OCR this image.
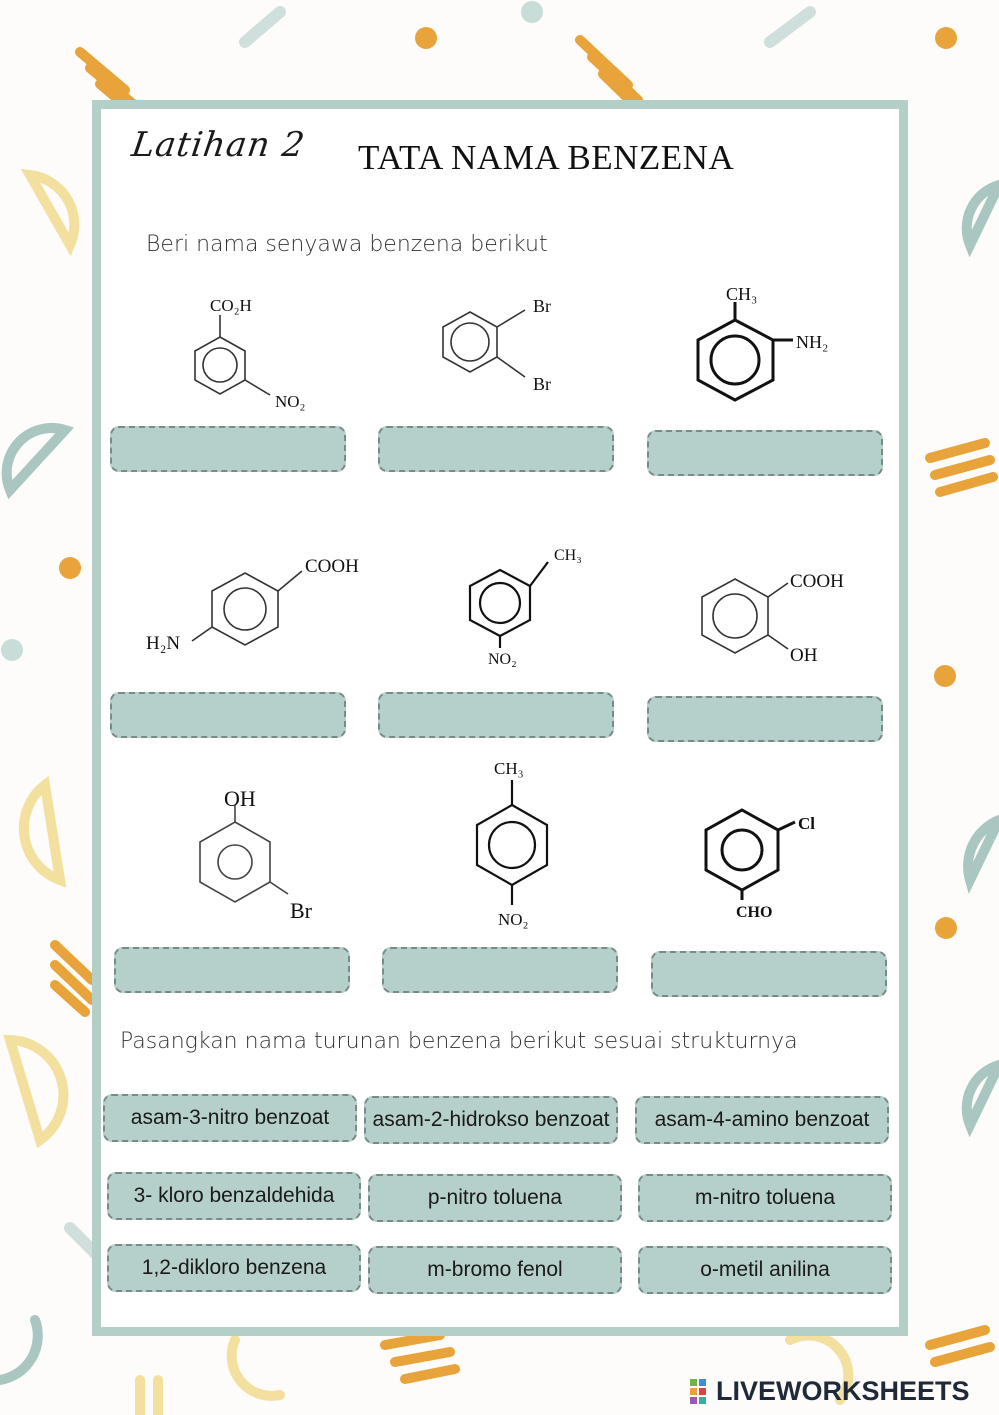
Latihan 2 TATA NAMA BENZENA
Beri nama senyawa benzena berikut
CO₂H
NO₂
Br
Br
CH₃
NH₂
COOH
H₂N
CH₃
NO₂
COOH
OH
OH
Br
CH₃
NO₂
Cl
CHO
Pasangkan nama turunan benzena berikut sesuai strukturnya
asam-3-nitro benzoat	asam-2-hidrokso benzoat	asam-4-amino benzoat
3- kloro benzaldehida	p-nitro toluena	m-nitro toluena
1,2-dikloro benzena	m-bromo fenol	o-metil anilina
LIVEWORKSHEETS
